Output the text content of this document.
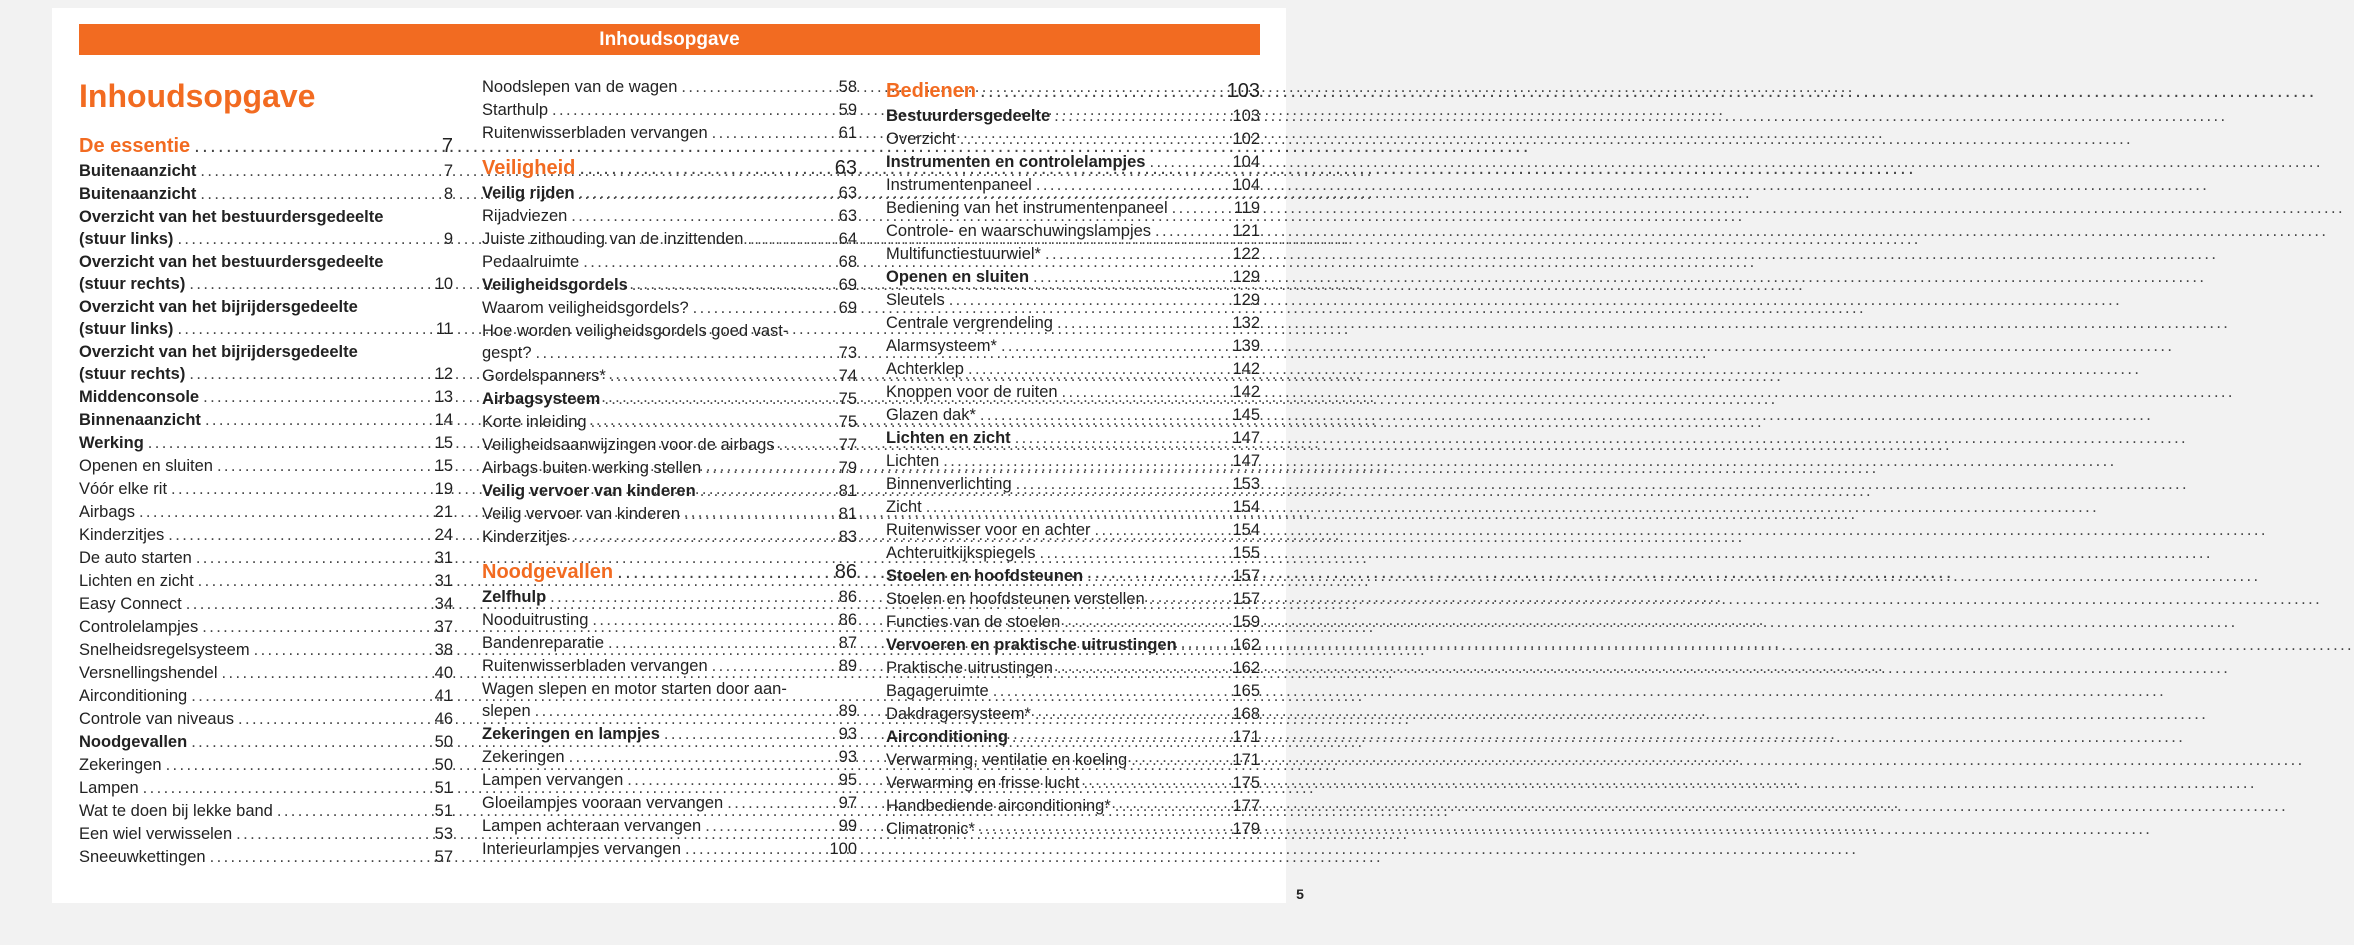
Inhoudsopgave
Inhoudsopgave
De essentie .....	7
Buitenaanzicht .....	7
Buitenaanzicht .....	8
Overzicht van het bestuurdersgedeelte
(stuur links) .....	9
Overzicht van het bestuurdersgedeelte
(stuur rechts) .....	10
Overzicht van het bijrijdersgedeelte
(stuur links) .....	11
Overzicht van het bijrijdersgedeelte
(stuur rechts) .....	12
Middenconsole .....	13
Binnenaanzicht .....	14
Werking .....	15
Openen en sluiten .....	15
Vóór elke rit .....	19
Airbags .....	21
Kinderzitjes .....	24
De auto starten .....	31
Lichten en zicht .....	31
Easy Connect .....	34
Controlelampjes .....	37
Snelheidsregelsysteem .....	38
Versnellingshendel .....	40
Airconditioning .....	41
Controle van niveaus .....	46
Noodgevallen .....	50
Zekeringen .....	50
Lampen .....	51
Wat te doen bij lekke band .....	51
Een wiel verwisselen .....	53
Sneeuwkettingen .....	57
Noodslepen van de wagen .....	58
Starthulp .....	59
Ruitenwisserbladen vervangen .....	61
Veiligheid .....	63
Veilig rijden .....	63
Rijadviezen .....	63
Juiste zithouding van de inzittenden .....	64
Pedaalruimte .....	68
Veiligheidsgordels .....	69
Waarom veiligheidsgordels? .....	69
Hoe worden veiligheidsgordels goed vast-
gespt? .....	73
Gordelspanners* .....	74
Airbagsysteem .....	75
Korte inleiding .....	75
Veiligheidsaanwijzingen voor de airbags .....	77
Airbags buiten werking stellen .....	79
Veilig vervoer van kinderen .....	81
Veilig vervoer van kinderen .....	81
Kinderzitjes .....	83
Noodgevallen .....	86
Zelfhulp .....	86
Nooduitrusting .....	86
Bandenreparatie .....	87
Ruitenwisserbladen vervangen .....	89
Wagen slepen en motor starten door aan-
slepen .....	89
Zekeringen en lampjes .....	93
Zekeringen .....	93
Lampen vervangen .....	95
Gloeilampjes vooraan vervangen .....	97
Lampen achteraan vervangen .....	99
Interieurlampjes vervangen .....	100
Bedienen .....	103
Bestuurdersgedeelte .....	103
Overzicht .....	102
Instrumenten en controlelampjes .....	104
Instrumentenpaneel .....	104
Bediening van het instrumentenpaneel .....	119
Controle- en waarschuwingslampjes .....	121
Multifunctiestuurwiel* .....	122
Openen en sluiten .....	129
Sleutels .....	129
Centrale vergrendeling .....	132
Alarmsysteem* .....	139
Achterklep .....	142
Knoppen voor de ruiten .....	142
Glazen dak* .....	145
Lichten en zicht .....	147
Lichten .....	147
Binnenverlichting .....	153
Zicht .....	154
Ruitenwisser voor en achter .....	154
Achteruitkijkspiegels .....	155
Stoelen en hoofdsteunen .....	157
Stoelen en hoofdsteunen verstellen .....	157
Functies van de stoelen .....	159
Vervoeren en praktische uitrustingen .....	162
Praktische uitrustingen .....	162
Bagageruimte .....	165
Dakdragersysteem* .....	168
Airconditioning .....	171
Verwarming, ventilatie en koeling .....	171
Verwarming en frisse lucht .....	175
Handbediende airconditioning* .....	177
Climatronic* .....	179
5
